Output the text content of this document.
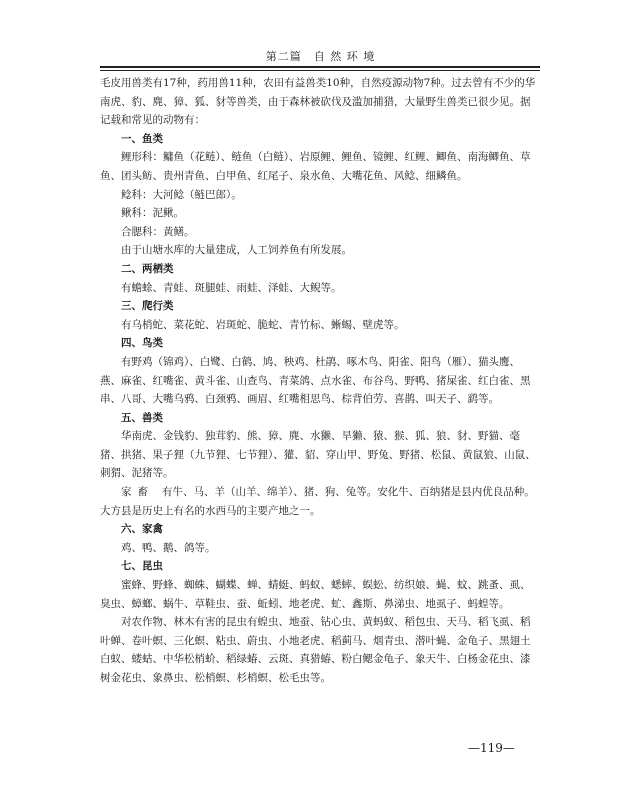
第二篇　自 然 环 境

毛皮用兽类有17种，药用兽11种，农田有益兽类10种，自然疫源动物7种。过去曾有不少的华南虎、豹、麂、獐、狐、豺等兽类，由于森林被砍伐及滥加捕猎，大量野生兽类已很少见。据记载和常见的动物有：

一、鱼类

鲤形科：鳙鱼（花鲢）、鲢鱼（白鲢）、岩原鲤、鲤鱼、镜鲤、红鲤、鲫鱼、南海鲫鱼、草鱼、团头鲂、贵州青鱼、白甲鱼、红尾子、泉水鱼、大嘴花鱼、风鲶、细鳞鱼。

鲶科：大河鲶（鲢巴郎）。

鳅科：泥鳅。

合腮科：黄鳝。

由于山塘水库的大量建成，人工饲养鱼有所发展。

二、两栖类

有蟾蜍、青蛙、斑腿蛙、雨蛙、泽蛙、大鲵等。

三、爬行类

有乌梢蛇、菜花蛇、岩斑蛇、脆蛇、青竹标、蜥蜴、壁虎等。

四、鸟类

有野鸡（锦鸡）、白鹭、白鹤、鸠、秧鸡、杜鹃、啄木鸟、阳雀、阳鸟（雁）、猫头鹰、燕、麻雀、红嘴雀、黄斗雀、山查鸟、青菜鸽、点水雀、布谷鸟、野鸭、猪屎雀、红白雀、黑串、八哥、大嘴乌鸦、白颈鸦、画眉、红嘴相思鸟、棕背伯劳、喜鹊、叫天子、鹞等。

五、兽类

华南虎、金钱豹、独茸豹、熊、獐、麂、水獭、旱獭、猿、猴、狐、狼、豺、野猫、毫猪、拱猪、果子狸（九节狸、七节狸）、獾、貂、穿山甲、野兔、野猪、松鼠、黄鼠狼、山鼠、刺猬、泥猪等。

家畜 有牛、马、羊（山羊、绵羊）、猪、狗、兔等。安化牛、百纳猪是县内优良品种。大方县是历史上有名的水西马的主要产地之一。

六、家禽

鸡、鸭、鹅、鸽等。

七、昆虫

蜜蜂、野蜂、蜘蛛、蝴蝶、蝉、蜻蜓、蚂蚁、蟋蟀、蜈蚣、纺织娘、蝇、蚊、跳蚤、虱、臭虫、蟑螂、蜗牛、草鞋虫、蚕、蚯蚓、地老虎、虻、鑫斯、鼻涕虫、地虱子、蚂蝗等。

对农作物、林木有害的昆虫有蝗虫、地蚕、钻心虫、黄蚂蚁、稻包虫、天马、稻飞虱、稻叶蝉、卷叶螟、三化螟、粘虫、蔚虫、小地老虎、稻蓟马、烟青虫、潜叶蝇、金龟子、黑翅土白蚁、蝼蛄、中华松梢蚧、稻绿蝽、云斑、真猎蝽、粉白鳃金龟子、象天牛、白杨金花虫、漆树金花虫、象鼻虫、松梢螟、杉梢螟、松毛虫等。

—119—
